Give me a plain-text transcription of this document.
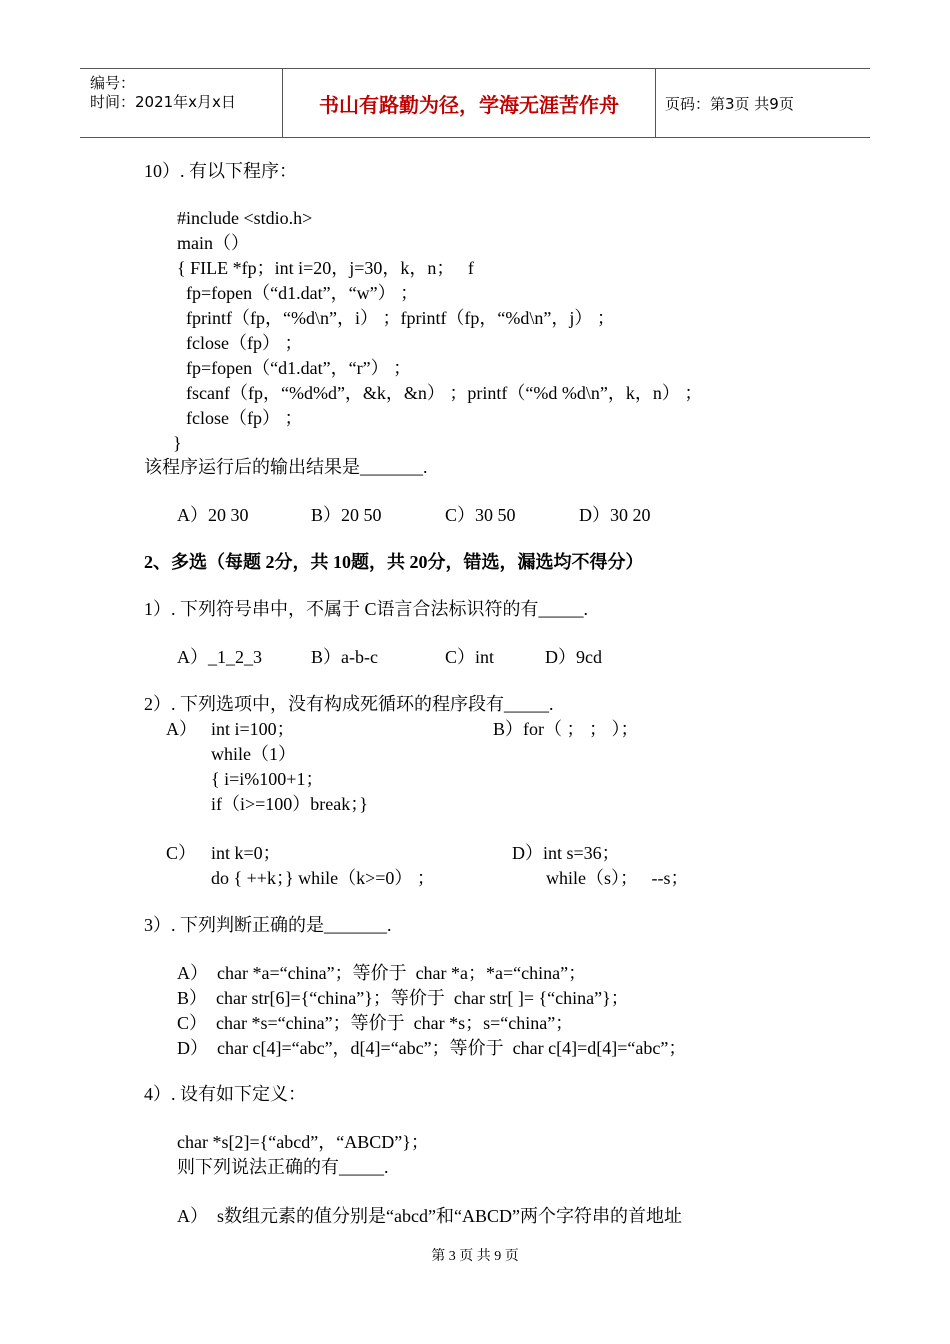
编号：
时间：2021年x月x日	书山有路勤为径，学海无涯苦作舟	页码：第3页 共9页
10）. 有以下程序：
#include <stdio.h>
main（）
{ FILE *fp；int i=20，j=30，k，n；   f
fp=fopen（“d1.dat”，“w”） ；
fprintf（fp，“%d\n”，i） ；fprintf（fp，“%d\n”，j） ；
fclose（fp） ；
fp=fopen（“d1.dat”，“r”） ；
fscanf（fp，“%d%d”，&k，&n） ；printf（“%d %d\n”，k，n） ；
fclose（fp） ；
}
该程序运行后的输出结果是_______.
A）20 30	B）20 50	C）30 50	D）30 20
2、多选（每题 2分，共 10题，共 20分，错选，漏选均不得分）
1）. 下列符号串中，不属于 C语言合法标识符的有_____.
A）_1_2_3	B）a-b-c	C）int	D）9cd
2）. 下列选项中，没有构成死循环的程序段有_____.
A） int i=100；
while（1）
{ i=i%100+1；
if（i>=100）break；}
B）for（ ； ； ）；
C） int k=0；
do { ++k；} while（k>=0） ；
D）int s=36；
while（s）；   --s；
3）. 下列判断正确的是_______.
A）  char *a=“china”；等价于  char *a；*a=“china”；
B）  char str[6]={“china”}；等价于  char str[ ]= {“china”}；
C）  char *s=“china”；等价于  char *s；s=“china”；
D）  char c[4]=“abc”，d[4]=“abc”；等价于  char c[4]=d[4]=“abc”；
4）. 设有如下定义：
char *s[2]={“abcd”，“ABCD”}；
则下列说法正确的有_____.
A）  s数组元素的值分别是“abcd”和“ABCD”两个字符串的首地址
第 3 页 共 9 页
